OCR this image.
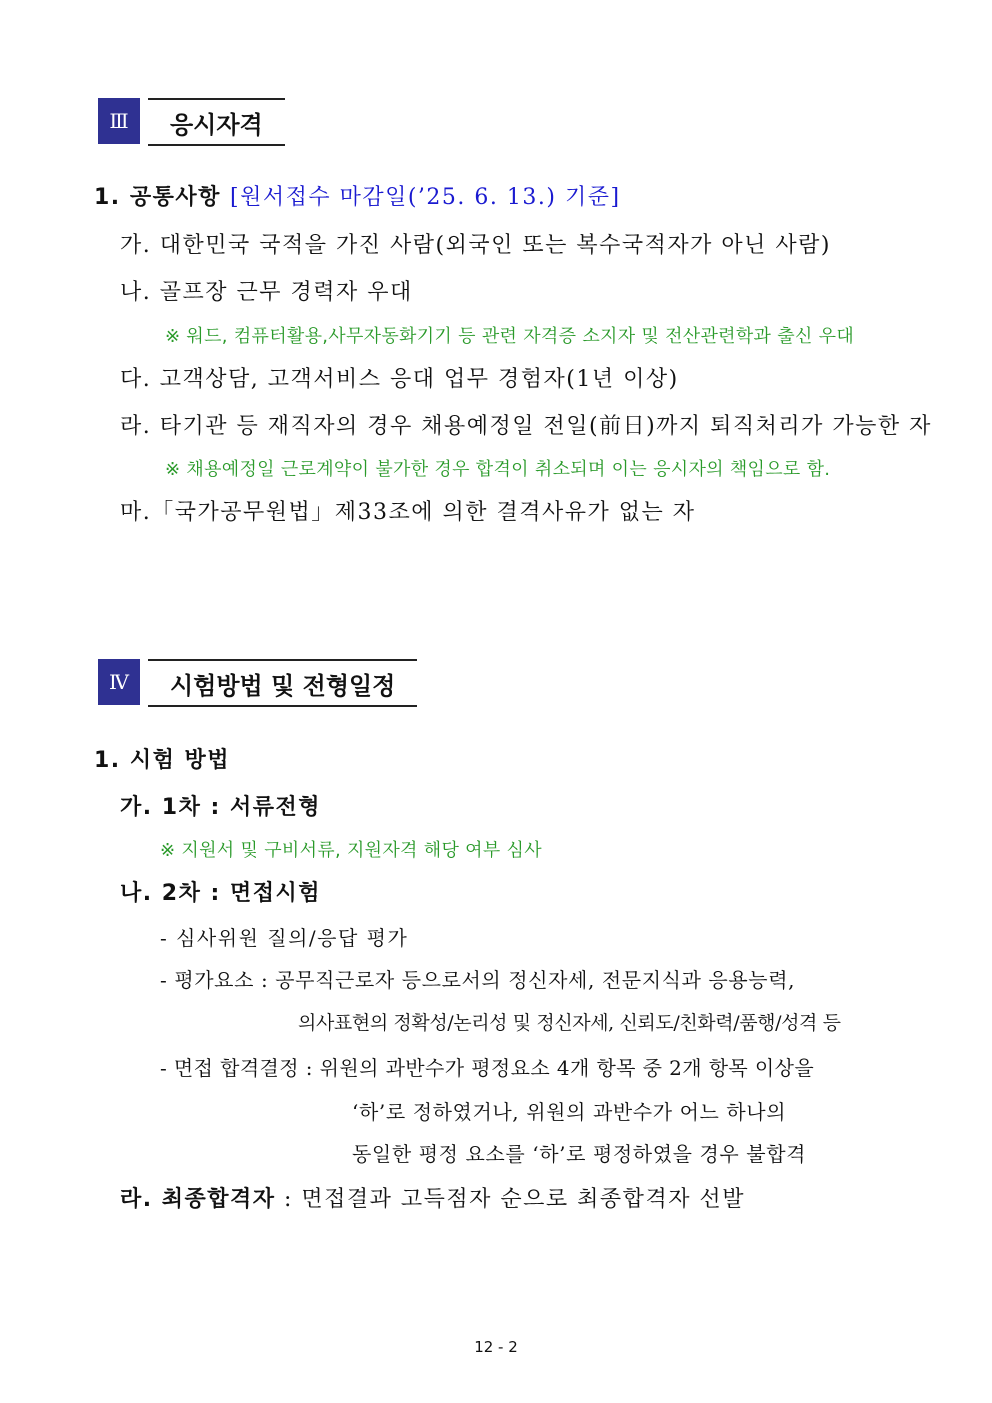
Ⅲ	응시자격
1. 공통사항 [원서접수 마감일(’25. 6. 13.) 기준]
가. 대한민국 국적을 가진 사람(외국인 또는 복수국적자가 아닌 사람)
나. 골프장 근무 경력자 우대
※ 워드, 컴퓨터활용,사무자동화기기 등 관련 자격증 소지자 및 전산관련학과 출신 우대
다. 고객상담, 고객서비스 응대 업무 경험자(1년 이상)
라. 타기관 등 재직자의 경우 채용예정일 전일(前日)까지 퇴직처리가 가능한 자
※ 채용예정일 근로계약이 불가한 경우 합격이 취소되며 이는 응시자의 책임으로 함.
마.「국가공무원법」제33조에 의한 결격사유가 없는 자
Ⅳ	시험방법 및 전형일정
1. 시험 방법
가. 1차 : 서류전형
※ 지원서 및 구비서류, 지원자격 해당 여부 심사
나. 2차 : 면접시험
- 심사위원 질의/응답 평가
- 평가요소 : 공무직근로자 등으로서의 정신자세, 전문지식과 응용능력,
의사표현의 정확성/논리성 및 정신자세, 신뢰도/친화력/품행/성격 등
- 면접 합격결정 : 위원의 과반수가 평정요소 4개 항목 중 2개 항목 이상을
‘하’로 정하였거나, 위원의 과반수가 어느 하나의
동일한 평정 요소를 ‘하’로 평정하였을 경우 불합격
라. 최종합격자 : 면접결과 고득점자 순으로 최종합격자 선발
12 - 2
